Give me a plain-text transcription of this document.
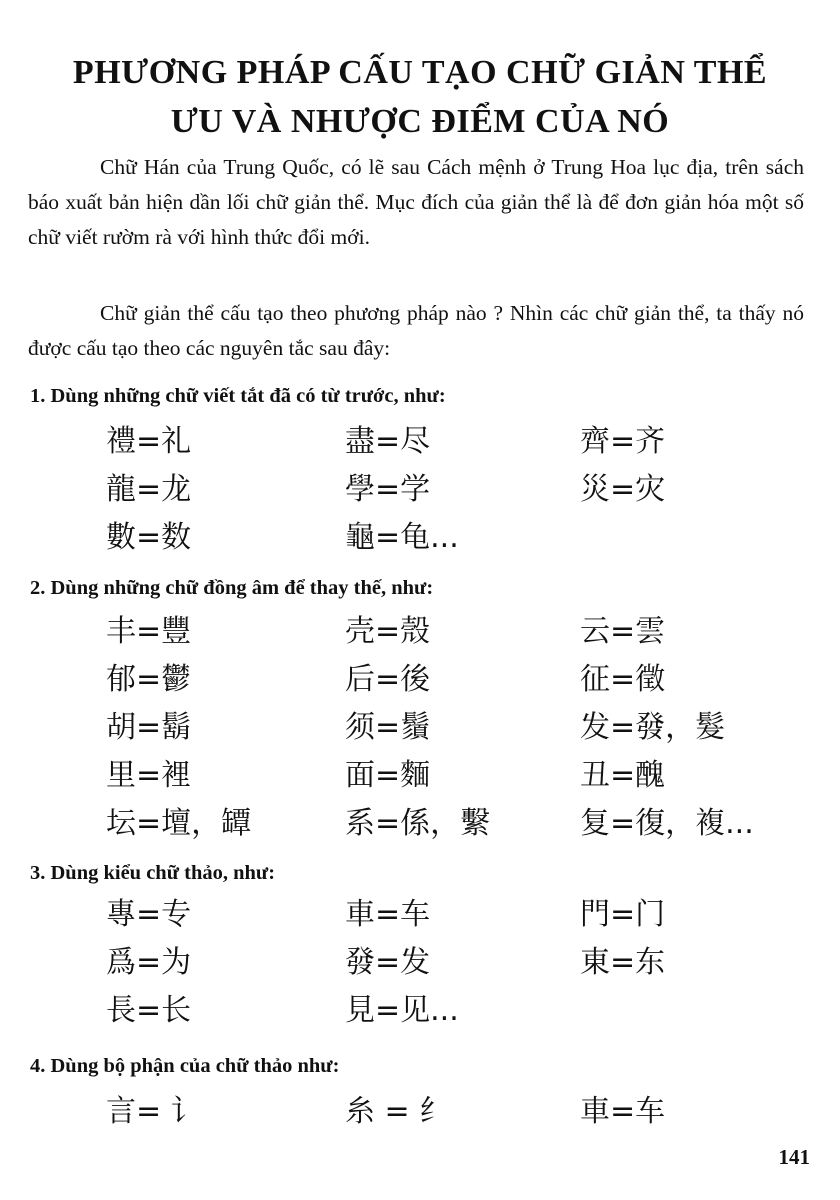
PHƯƠNG PHÁP CẤU TẠO CHỮ GIẢN THỂ
ƯU VÀ NHƯỢC ĐIỂM CỦA NÓ

Chữ Hán của Trung Quốc, có lẽ sau Cách mệnh ở Trung Hoa lục địa, trên sách báo xuất bản hiện dần lối chữ giản thể. Mục đích của giản thể là để đơn giản hóa một số chữ viết rườm rà với hình thức đổi mới.

Chữ giản thể cấu tạo theo phương pháp nào ? Nhìn các chữ giản thể, ta thấy nó được cấu tạo theo các nguyên tắc sau đây:

1. Dùng những chữ viết tắt đã có từ trước, như:
禮=礼	盡=尽	齊=齐
龍=龙	學=学	災=灾
數=数	龜=龟...
2. Dùng những chữ đồng âm để thay thế, như:
丰=豐	壳=殼	云=雲
郁=鬱	后=後	征=徵
胡=鬍	须=鬚	发=發，髮
里=裡	面=麵	丑=醜
坛=壇，罈	系=係，繫	复=復，複...
3. Dùng kiểu chữ thảo, như:
專=专	車=车	門=门
爲=为	發=发	東=东
長=长	見=见...
4. Dùng bộ phận của chữ thảo như:
言= 讠	糸 = 纟	車=车
141
